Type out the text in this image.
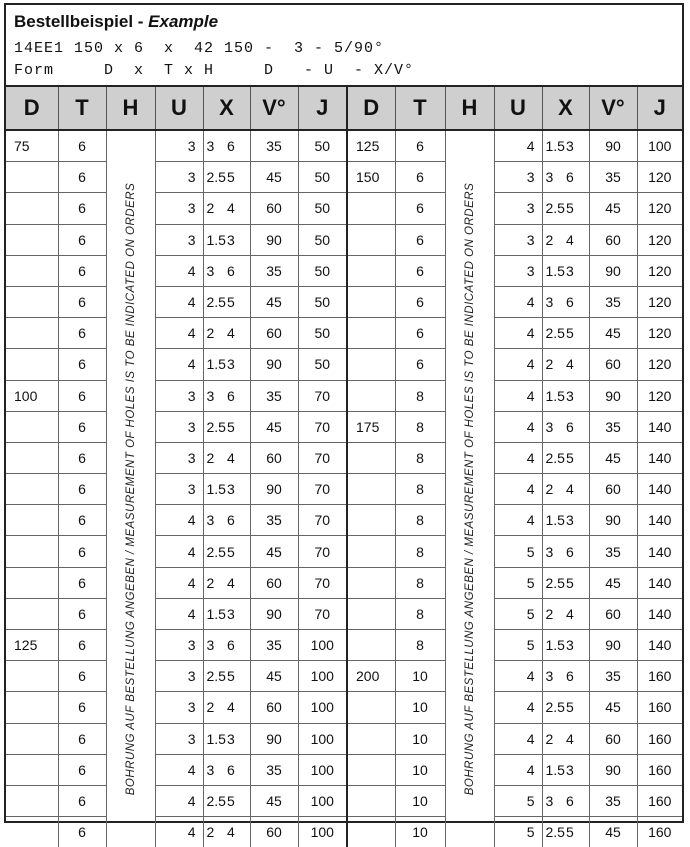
Bestellbeispiel - Example
14EE1 150 x 6  x  42 150 -  3 - 5/90°
Form     D  x  T x H     D   - U  - X/V°
D	T	H	U	X		V°	J	D	T	H	U	X		V°	J
75	6	BOHRUNG AUF BESTELLUNG ANGEBEN / MEASUREMENT OF HOLES IS TO BE INDICATED ON ORDERS	3	3	6	35	50	125	6	BOHRUNG AUF BESTELLUNG ANGEBEN / MEASUREMENT OF HOLES IS TO BE INDICATED ON ORDERS	4	1.5	3	90	100
	6		3	2.5	5	45	50	150	6		3	3	6	35	120
	6		3	2	4	60	50		6		3	2.5	5	45	120
	6		3	1.5	3	90	50		6		3	2	4	60	120
	6		4	3	6	35	50		6		3	1.5	3	90	120
	6		4	2.5	5	45	50		6		4	3	6	35	120
	6		4	2	4	60	50		6		4	2.5	5	45	120
	6		4	1.5	3	90	50		6		4	2	4	60	120
100	6		3	3	6	35	70		8		4	1.5	3	90	120
	6		3	2.5	5	45	70	175	8		4	3	6	35	140
	6		3	2	4	60	70		8		4	2.5	5	45	140
	6		3	1.5	3	90	70		8		4	2	4	60	140
	6		4	3	6	35	70		8		4	1.5	3	90	140
	6		4	2.5	5	45	70		8		5	3	6	35	140
	6		4	2	4	60	70		8		5	2.5	5	45	140
	6		4	1.5	3	90	70		8		5	2	4	60	140
125	6		3	3	6	35	100		8		5	1.5	3	90	140
	6		3	2.5	5	45	100	200	10		4	3	6	35	160
	6		3	2	4	60	100		10		4	2.5	5	45	160
	6		3	1.5	3	90	100		10		4	2	4	60	160
	6		4	3	6	35	100		10		4	1.5	3	90	160
	6		4	2.5	5	45	100		10		5	3	6	35	160
	6		4	2	4	60	100		10		5	2.5	5	45	160
